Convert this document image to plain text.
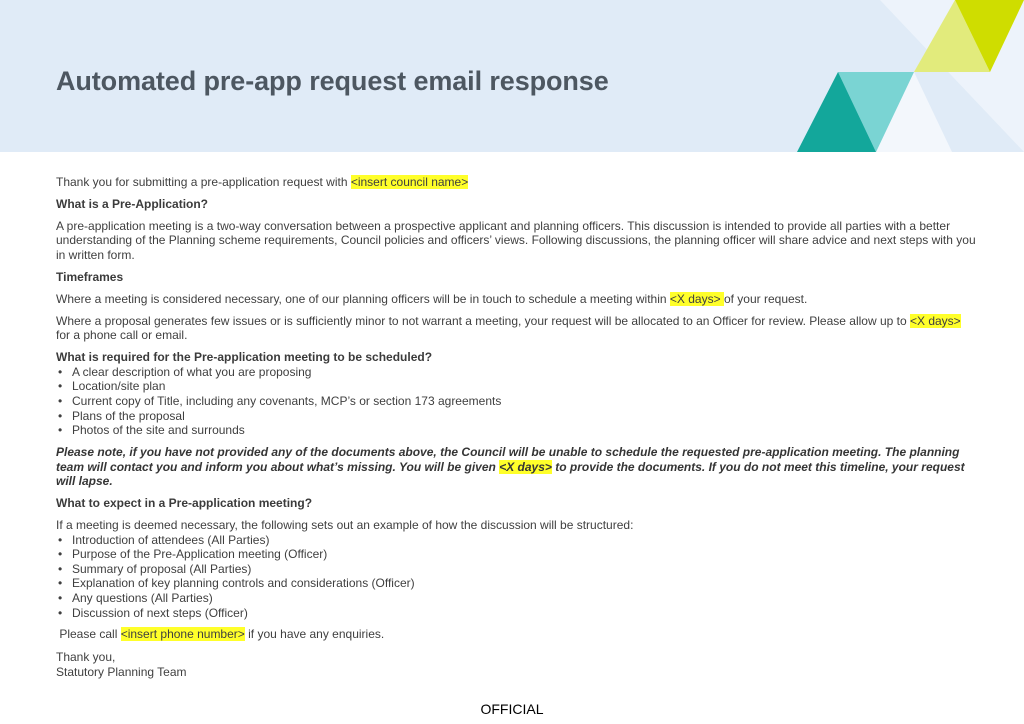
Automated pre-app request email response

Thank you for submitting a pre-application request with <insert council name>

What is a Pre-Application?

A pre-application meeting is a two-way conversation between a prospective applicant and planning officers. This discussion is intended to provide all parties with a better understanding of the Planning scheme requirements, Council policies and officers’ views. Following discussions, the planning officer will share advice and next steps with you in written form.

Timeframes

Where a meeting is considered necessary, one of our planning officers will be in touch to schedule a meeting within <X days> of your request.

Where a proposal generates few issues or is sufficiently minor to not warrant a meeting, your request will be allocated to an Officer for review. Please allow up to <X days> for a phone call or email.

What is required for the Pre-application meeting to be scheduled?

• A clear description of what you are proposing
• Location/site plan
• Current copy of Title, including any covenants, MCP’s or section 173 agreements
• Plans of the proposal
• Photos of the site and surrounds

Please note, if you have not provided any of the documents above, the Council will be unable to schedule the requested pre-application meeting. The planning team will contact you and inform you about what’s missing. You will be given <X days> to provide the documents. If you do not meet this timeline, your request will lapse.

What to expect in a Pre-application meeting?

If a meeting is deemed necessary, the following sets out an example of how the discussion will be structured:

• Introduction of attendees (All Parties)
• Purpose of the Pre-Application meeting (Officer)
• Summary of proposal (All Parties)
• Explanation of key planning controls and considerations (Officer)
• Any questions (All Parties)
• Discussion of next steps (Officer)

Please call <insert phone number> if you have any enquiries.

Thank you,
Statutory Planning Team

OFFICIAL
